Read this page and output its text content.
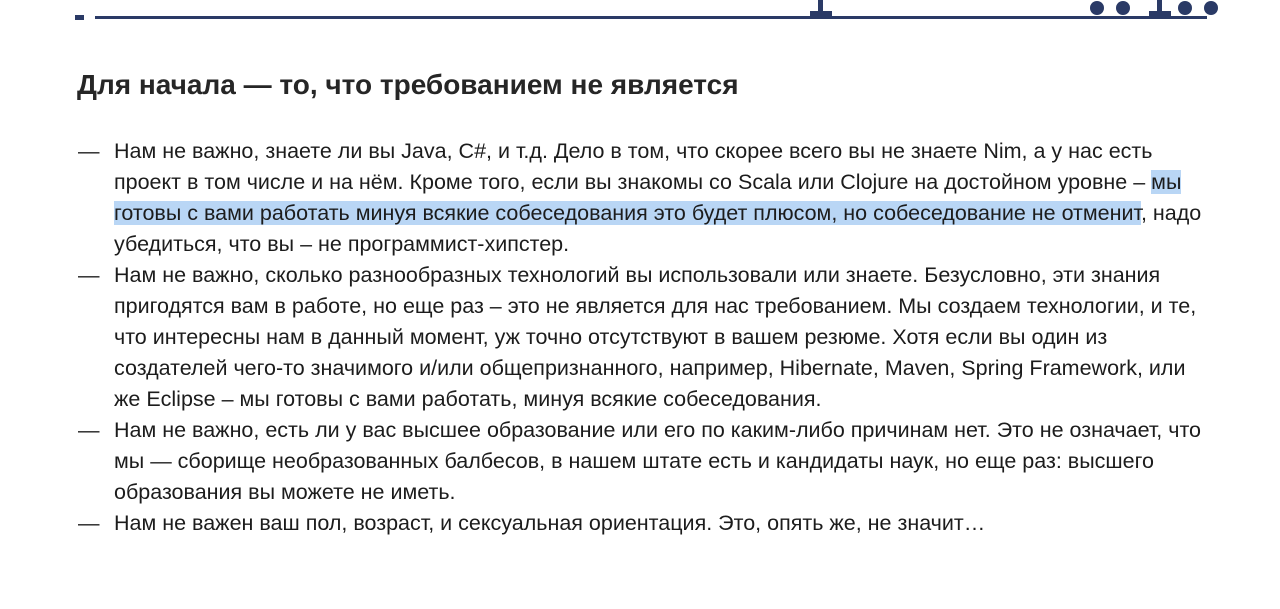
Для начала — то, что требованием не является
— Нам не важно, знаете ли вы Java, C#, и т.д. Дело в том, что скорее всего вы не знаете Nim, а у нас есть проект в том числе и на нём. Кроме того, если вы знакомы со Scala или Clojure на достойном уровне – мы готовы с вами работать минуя всякие собеседования это будет плюсом, но собеседование не отменит, надо убедиться, что вы – не программист-хипстер.
— Нам не важно, сколько разнообразных технологий вы использовали или знаете. Безусловно, эти знания пригодятся вам в работе, но еще раз – это не является для нас требованием. Мы создаем технологии, и те, что интересны нам в данный момент, уж точно отсутствуют в вашем резюме. Хотя если вы один из создателей чего-то значимого и/или общепризнанного, например, Hibernate, Maven, Spring Framework, или же Eclipse – мы готовы с вами работать, минуя всякие собеседования.
— Нам не важно, есть ли у вас высшее образование или его по каким-либо причинам нет. Это не означает, что мы — сборище необразованных балбесов, в нашем штате есть и кандидаты наук, но еще раз: высшего образования вы можете не иметь.
— Нам не важен ваш пол, возраст, и сексуальная ориентация. Это, опять же, не значит…
